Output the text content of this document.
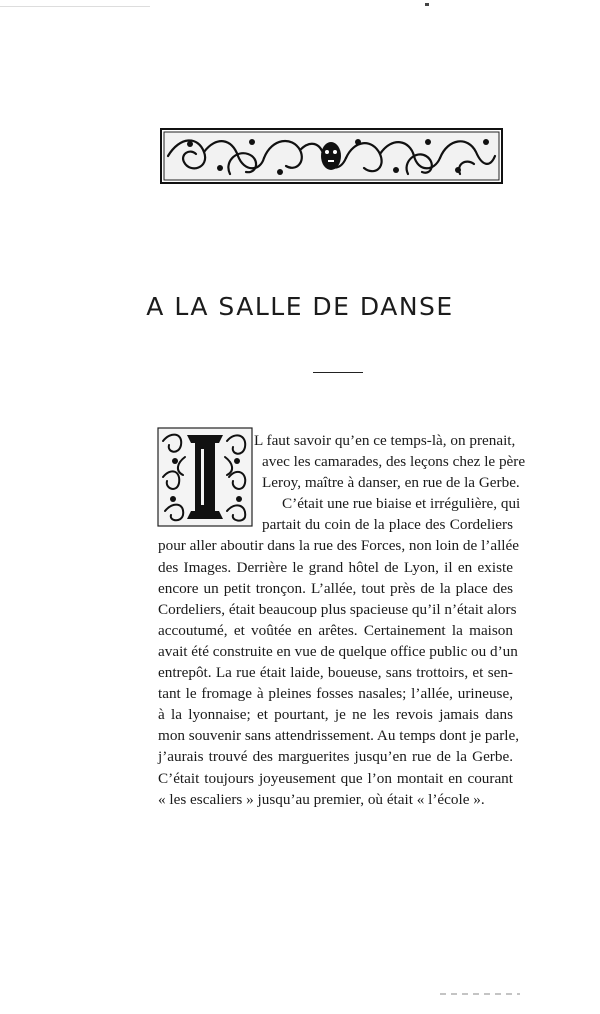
A LA SALLE DE DANSE
L faut savoir qu’en ce temps-là, on prenait,
avec les camarades, des leçons chez le père
Leroy, maître à danser, en rue de la Gerbe.
C’était une rue biaise et irrégulière, qui
partait du coin de la place des Cordeliers
pour aller aboutir dans la rue des Forces, non loin de l’allée
des Images. Derrière le grand hôtel de Lyon, il en existe
encore un petit tronçon. L’allée, tout près de la place des
Cordeliers, était beaucoup plus spacieuse qu’il n’était alors
accoutumé, et voûtée en arêtes. Certainement la maison
avait été construite en vue de quelque office public ou d’un
entrepôt. La rue était laide, boueuse, sans trottoirs, et sen-
tant le fromage à pleines fosses nasales; l’allée, urineuse,
à la lyonnaise; et pourtant, je ne les revois jamais dans
mon souvenir sans attendrissement. Au temps dont je parle,
j’aurais trouvé des marguerites jusqu’en rue de la Gerbe.
C’était toujours joyeusement que l’on montait en courant
« les escaliers » jusqu’au premier, où était « l’école ».
